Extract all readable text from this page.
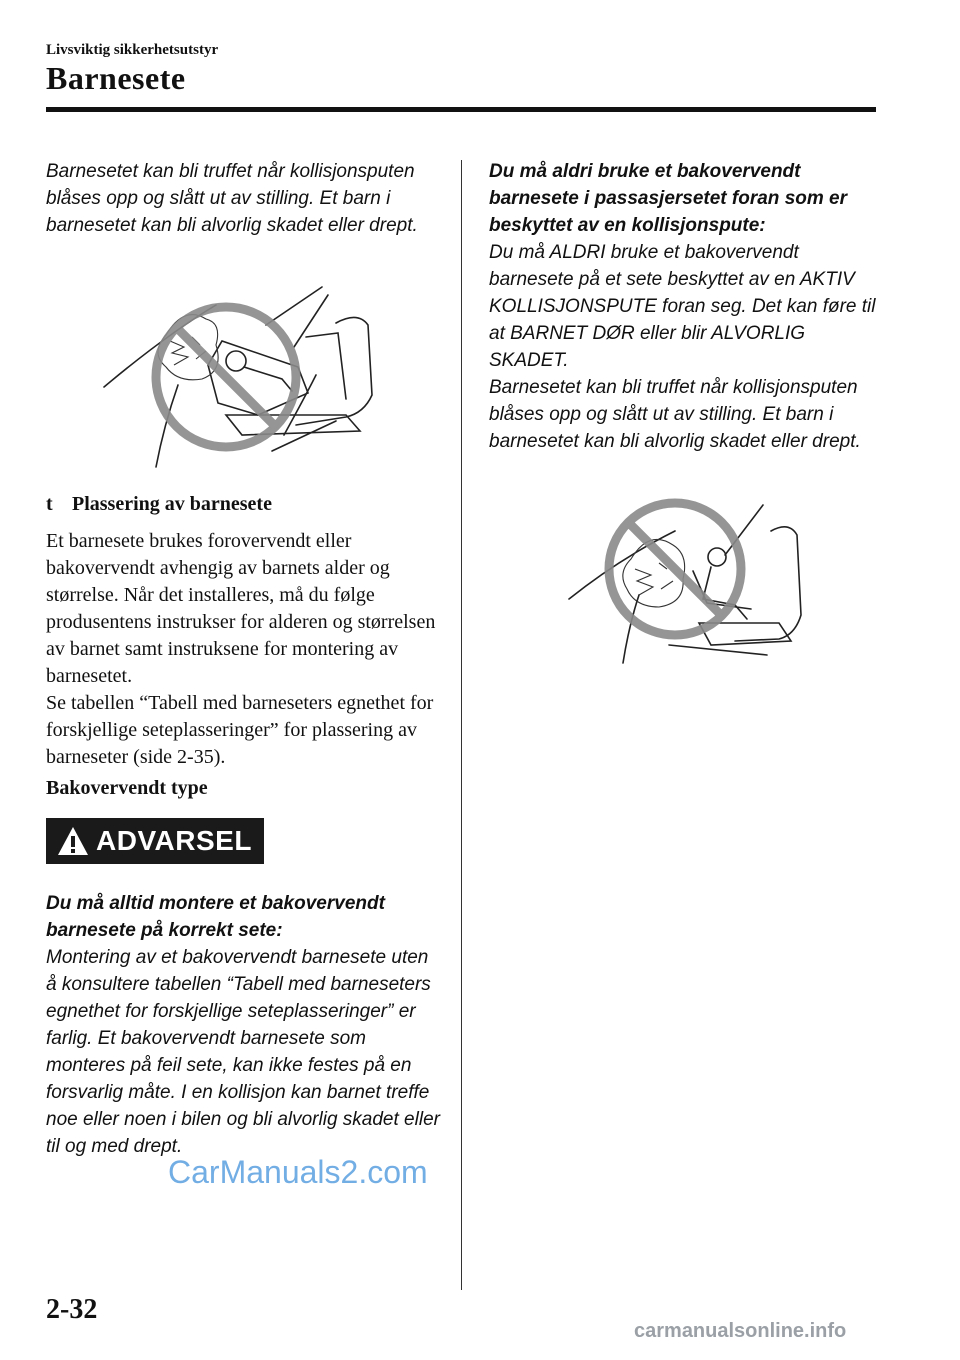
Livsviktig sikkerhetsutstyr
Barnesete

Barnesetet kan bli truffet når kollisjonsputen blåses opp og slått ut av stilling. Et barn i barnesetet kan bli alvorlig skadet eller drept.

t Plassering av barnesete

Et barnesete brukes forovervendt eller bakovervendt avhengig av barnets alder og størrelse. Når det installeres, må du følge produsentens instrukser for alderen og størrelsen av barnet samt instruksene for montering av barnesetet.

Se tabellen “Tabell med barneseters egnethet for forskjellige seteplasseringer” for plassering av barneseter (side 2-35).

Bakovervendt type

ADVARSEL

Du må alltid montere et bakovervendt barnesete på korrekt sete:

Montering av et bakovervendt barnesete uten å konsultere tabellen “Tabell med barneseters egnethet for forskjellige seteplasseringer” er farlig. Et bakovervendt barnesete som monteres på feil sete, kan ikke festes på en forsvarlig måte. I en kollisjon kan barnet treffe noe eller noen i bilen og bli alvorlig skadet eller til og med drept.

Du må aldri bruke et bakovervendt barnesete i passasjersetet foran som er beskyttet av en kollisjonspute:

Du må ALDRI bruke et bakovervendt barnesete på et sete beskyttet av en AKTIV KOLLISJONSPUTE foran seg. Det kan føre til at BARNET DØR eller blir ALVORLIG SKADET.

Barnesetet kan bli truffet når kollisjonsputen blåses opp og slått ut av stilling. Et barn i barnesetet kan bli alvorlig skadet eller drept.

CarManuals2.com
2-32
carmanualsonline.info
